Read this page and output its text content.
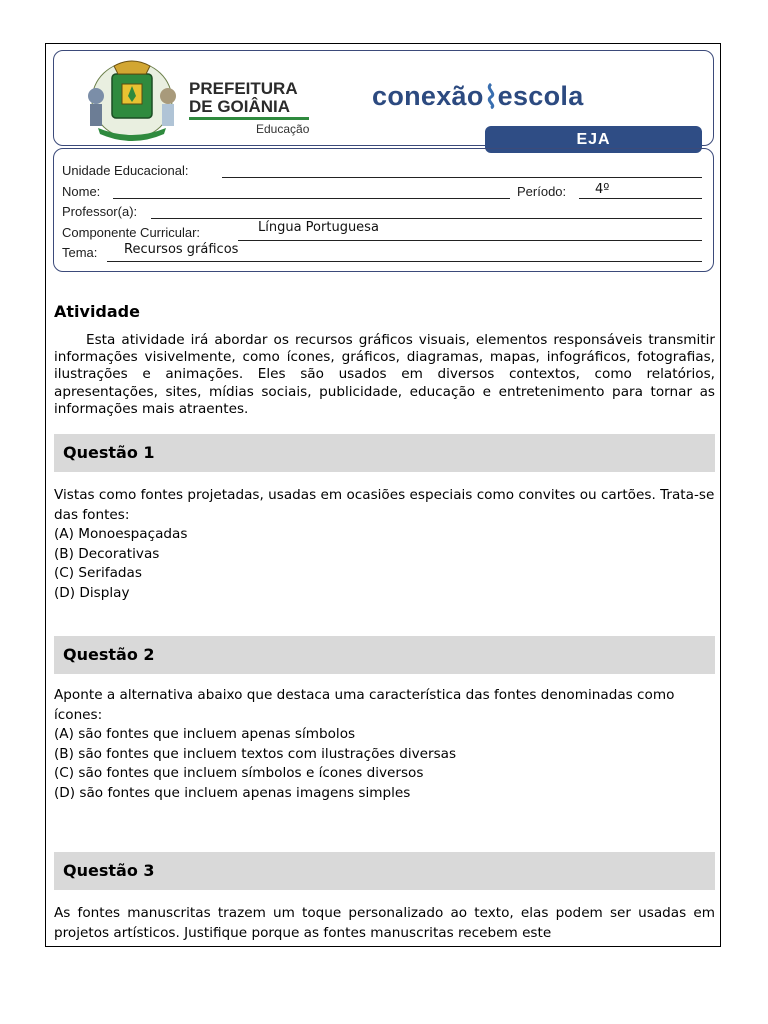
PREFEITURA
DE GOIÂNIA
Educação
conexão escola
EJA
Unidade Educacional:
Nome:	Período: 4º
Professor(a):
Componente Curricular:	Língua Portuguesa
Tema: Recursos gráficos
Atividade
Esta atividade irá abordar os recursos gráficos visuais, elementos responsáveis transmitir informações visivelmente, como ícones, gráficos, diagramas, mapas, infográficos, fotografias, ilustrações e animações. Eles são usados em diversos contextos, como relatórios, apresentações, sites, mídias sociais, publicidade, educação e entretenimento para tornar as informações mais atraentes.
Questão 1
Vistas como fontes projetadas, usadas em ocasiões especiais como convites ou cartões. Trata-se das fontes:
(A) Monoespaçadas
(B) Decorativas
(C) Serifadas
(D) Display
Questão 2
Aponte a alternativa abaixo que destaca uma característica das fontes denominadas como ícones:
(A) são fontes que incluem apenas símbolos
(B) são fontes que incluem textos com ilustrações diversas
(C) são fontes que incluem símbolos e ícones diversos
(D) são fontes que incluem apenas imagens simples
Questão 3
As fontes manuscritas trazem um toque personalizado ao texto, elas podem ser usadas em projetos artísticos. Justifique porque as fontes manuscritas recebem este
